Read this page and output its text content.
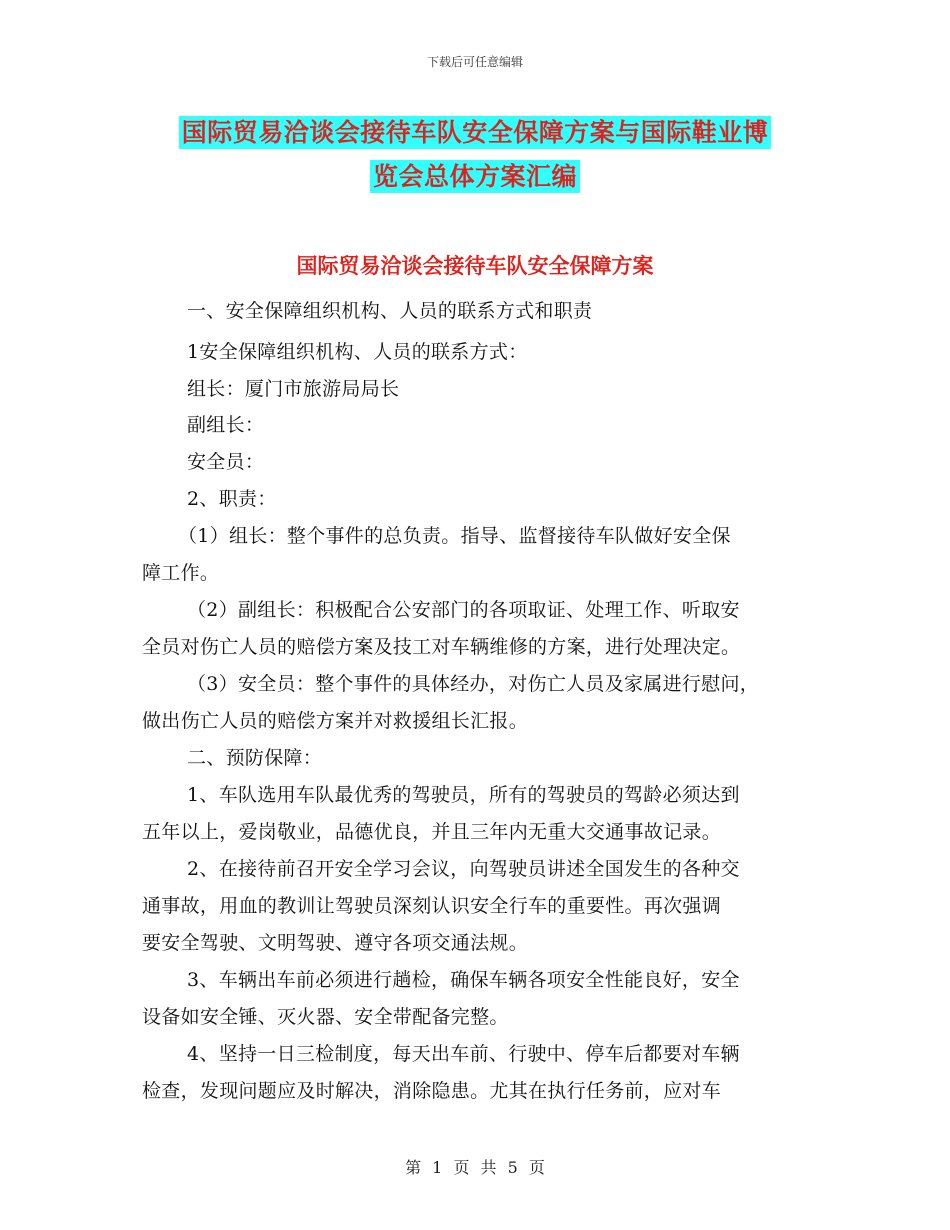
下载后可任意编辑
国际贸易洽谈会接待车队安全保障方案与国际鞋业博
览会总体方案汇编
国际贸易洽谈会接待车队安全保障方案
一、安全保障组织机构、人员的联系方式和职责
1安全保障组织机构、人员的联系方式：
组长：厦门市旅游局局长
副组长：
安全员：
2、职责：
（1）组长：整个事件的总负责。指导、监督接待车队做好安全保
障工作。
（2）副组长：积极配合公安部门的各项取证、处理工作、听取安
全员对伤亡人员的赔偿方案及技工对车辆维修的方案，进行处理决定。
（3）安全员：整个事件的具体经办，对伤亡人员及家属进行慰问，
做出伤亡人员的赔偿方案并对救援组长汇报。
二、预防保障：
1、车队选用车队最优秀的驾驶员，所有的驾驶员的驾龄必须达到
五年以上，爱岗敬业，品德优良，并且三年内无重大交通事故记录。
2、在接待前召开安全学习会议，向驾驶员讲述全国发生的各种交
通事故，用血的教训让驾驶员深刻认识安全行车的重要性。再次强调
要安全驾驶、文明驾驶、遵守各项交通法规。
3、车辆出车前必须进行趟检，确保车辆各项安全性能良好，安全
设备如安全锤、灭火器、安全带配备完整。
4、坚持一日三检制度，每天出车前、行驶中、停车后都要对车辆
检查，发现问题应及时解决，消除隐患。尤其在执行任务前，应对车
第 1 页 共 5 页
